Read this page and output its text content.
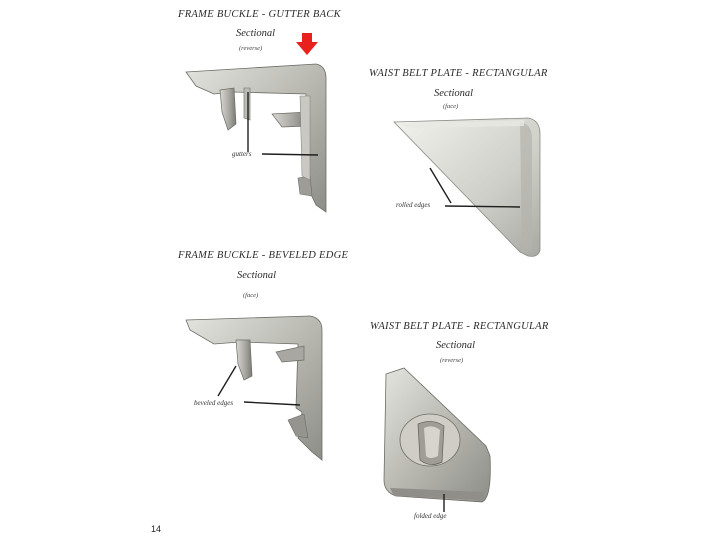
FRAME BUCKLE - GUTTER BACK
Sectional
(reverse)
gutters
WAIST BELT PLATE - RECTANGULAR
Sectional
(face)
rolled edges
FRAME BUCKLE - BEVELED EDGE
Sectional
(face)
beveled edges
WAIST BELT PLATE - RECTANGULAR
Sectional
(reverse)
folded edge
14
